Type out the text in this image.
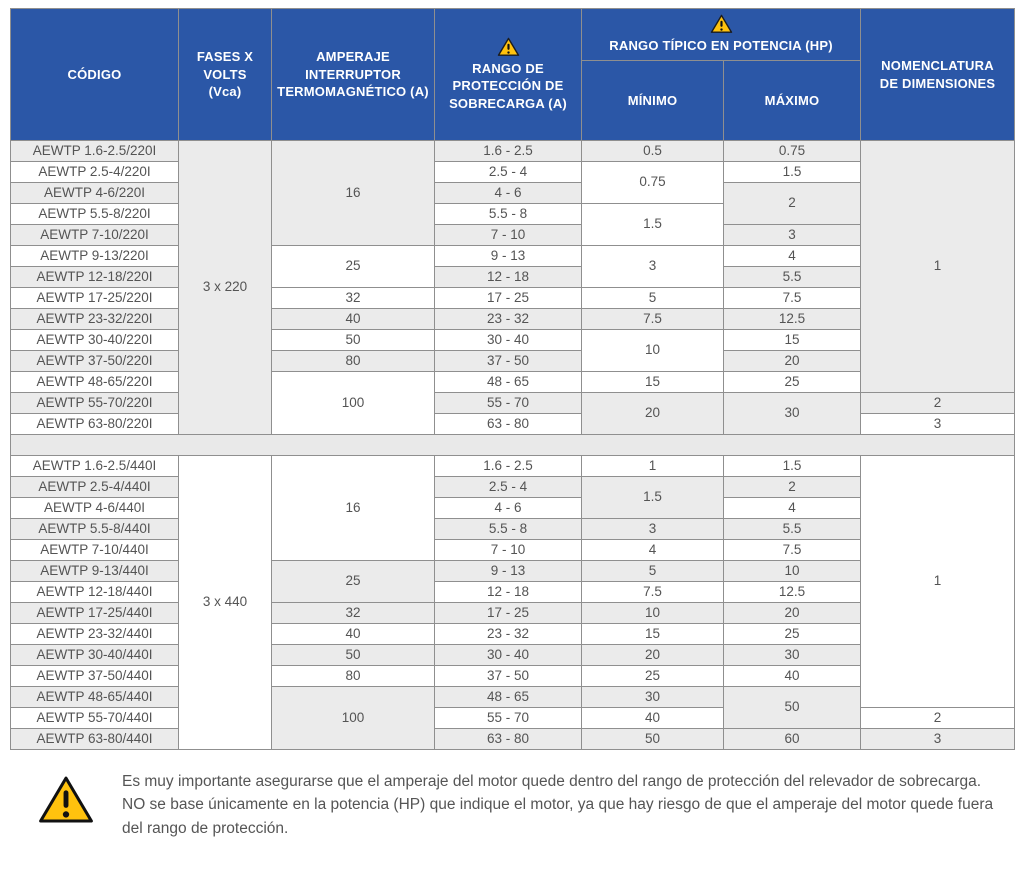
CÓDIGO	FASES X VOLTS (Vca)	AMPERAJE INTERRUPTOR TERMOMAGNÉTICO (A)	RANGO DE PROTECCIÓN DE SOBRECARGA (A)	RANGO TÍPICO EN POTENCIA (HP)		NOMENCLATURA DE DIMENSIONES
				MÍNIMO	MÁXIMO	
AEWTP 1.6-2.5/220I	3 x 220	16	1.6 - 2.5	0.5	0.75	1
AEWTP 2.5-4/220I			2.5 - 4	0.75	1.5	
AEWTP 4-6/220I			4 - 6		2	
AEWTP 5.5-8/220I			5.5 - 8	1.5		
AEWTP 7-10/220I			7 - 10		3	
AEWTP 9-13/220I		25	9 - 13	3	4	
AEWTP 12-18/220I			12 - 18		5.5	
AEWTP 17-25/220I		32	17 - 25	5	7.5	
AEWTP 23-32/220I		40	23 - 32	7.5	12.5	
AEWTP 30-40/220I		50	30 - 40	10	15	
AEWTP 37-50/220I		80	37 - 50		20	
AEWTP 48-65/220I		100	48 - 65	15	25	
AEWTP 55-70/220I			55 - 70	20	30	2
AEWTP 63-80/220I			63 - 80			3

AEWTP 1.6-2.5/440I	3 x 440	16	1.6 - 2.5	1	1.5	1
AEWTP 2.5-4/440I			2.5 - 4	1.5	2	
AEWTP 4-6/440I			4 - 6		4	
AEWTP 5.5-8/440I			5.5 - 8	3	5.5	
AEWTP 7-10/440I			7 - 10	4	7.5	
AEWTP 9-13/440I		25	9 - 13	5	10	
AEWTP 12-18/440I			12 - 18	7.5	12.5	
AEWTP 17-25/440I		32	17 - 25	10	20	
AEWTP 23-32/440I		40	23 - 32	15	25	
AEWTP 30-40/440I		50	30 - 40	20	30	
AEWTP 37-50/440I		80	37 - 50	25	40	
AEWTP 48-65/440I		100	48 - 65	30	50	
AEWTP 55-70/440I			55 - 70	40		2
AEWTP 63-80/440I			63 - 80	50	60	3
Es muy importante asegurarse que el amperaje del motor quede dentro del rango de protección del relevador de sobrecarga. NO se base únicamente en la potencia (HP) que indique el motor, ya que hay riesgo de que el amperaje del motor quede fuera del rango de protección.
